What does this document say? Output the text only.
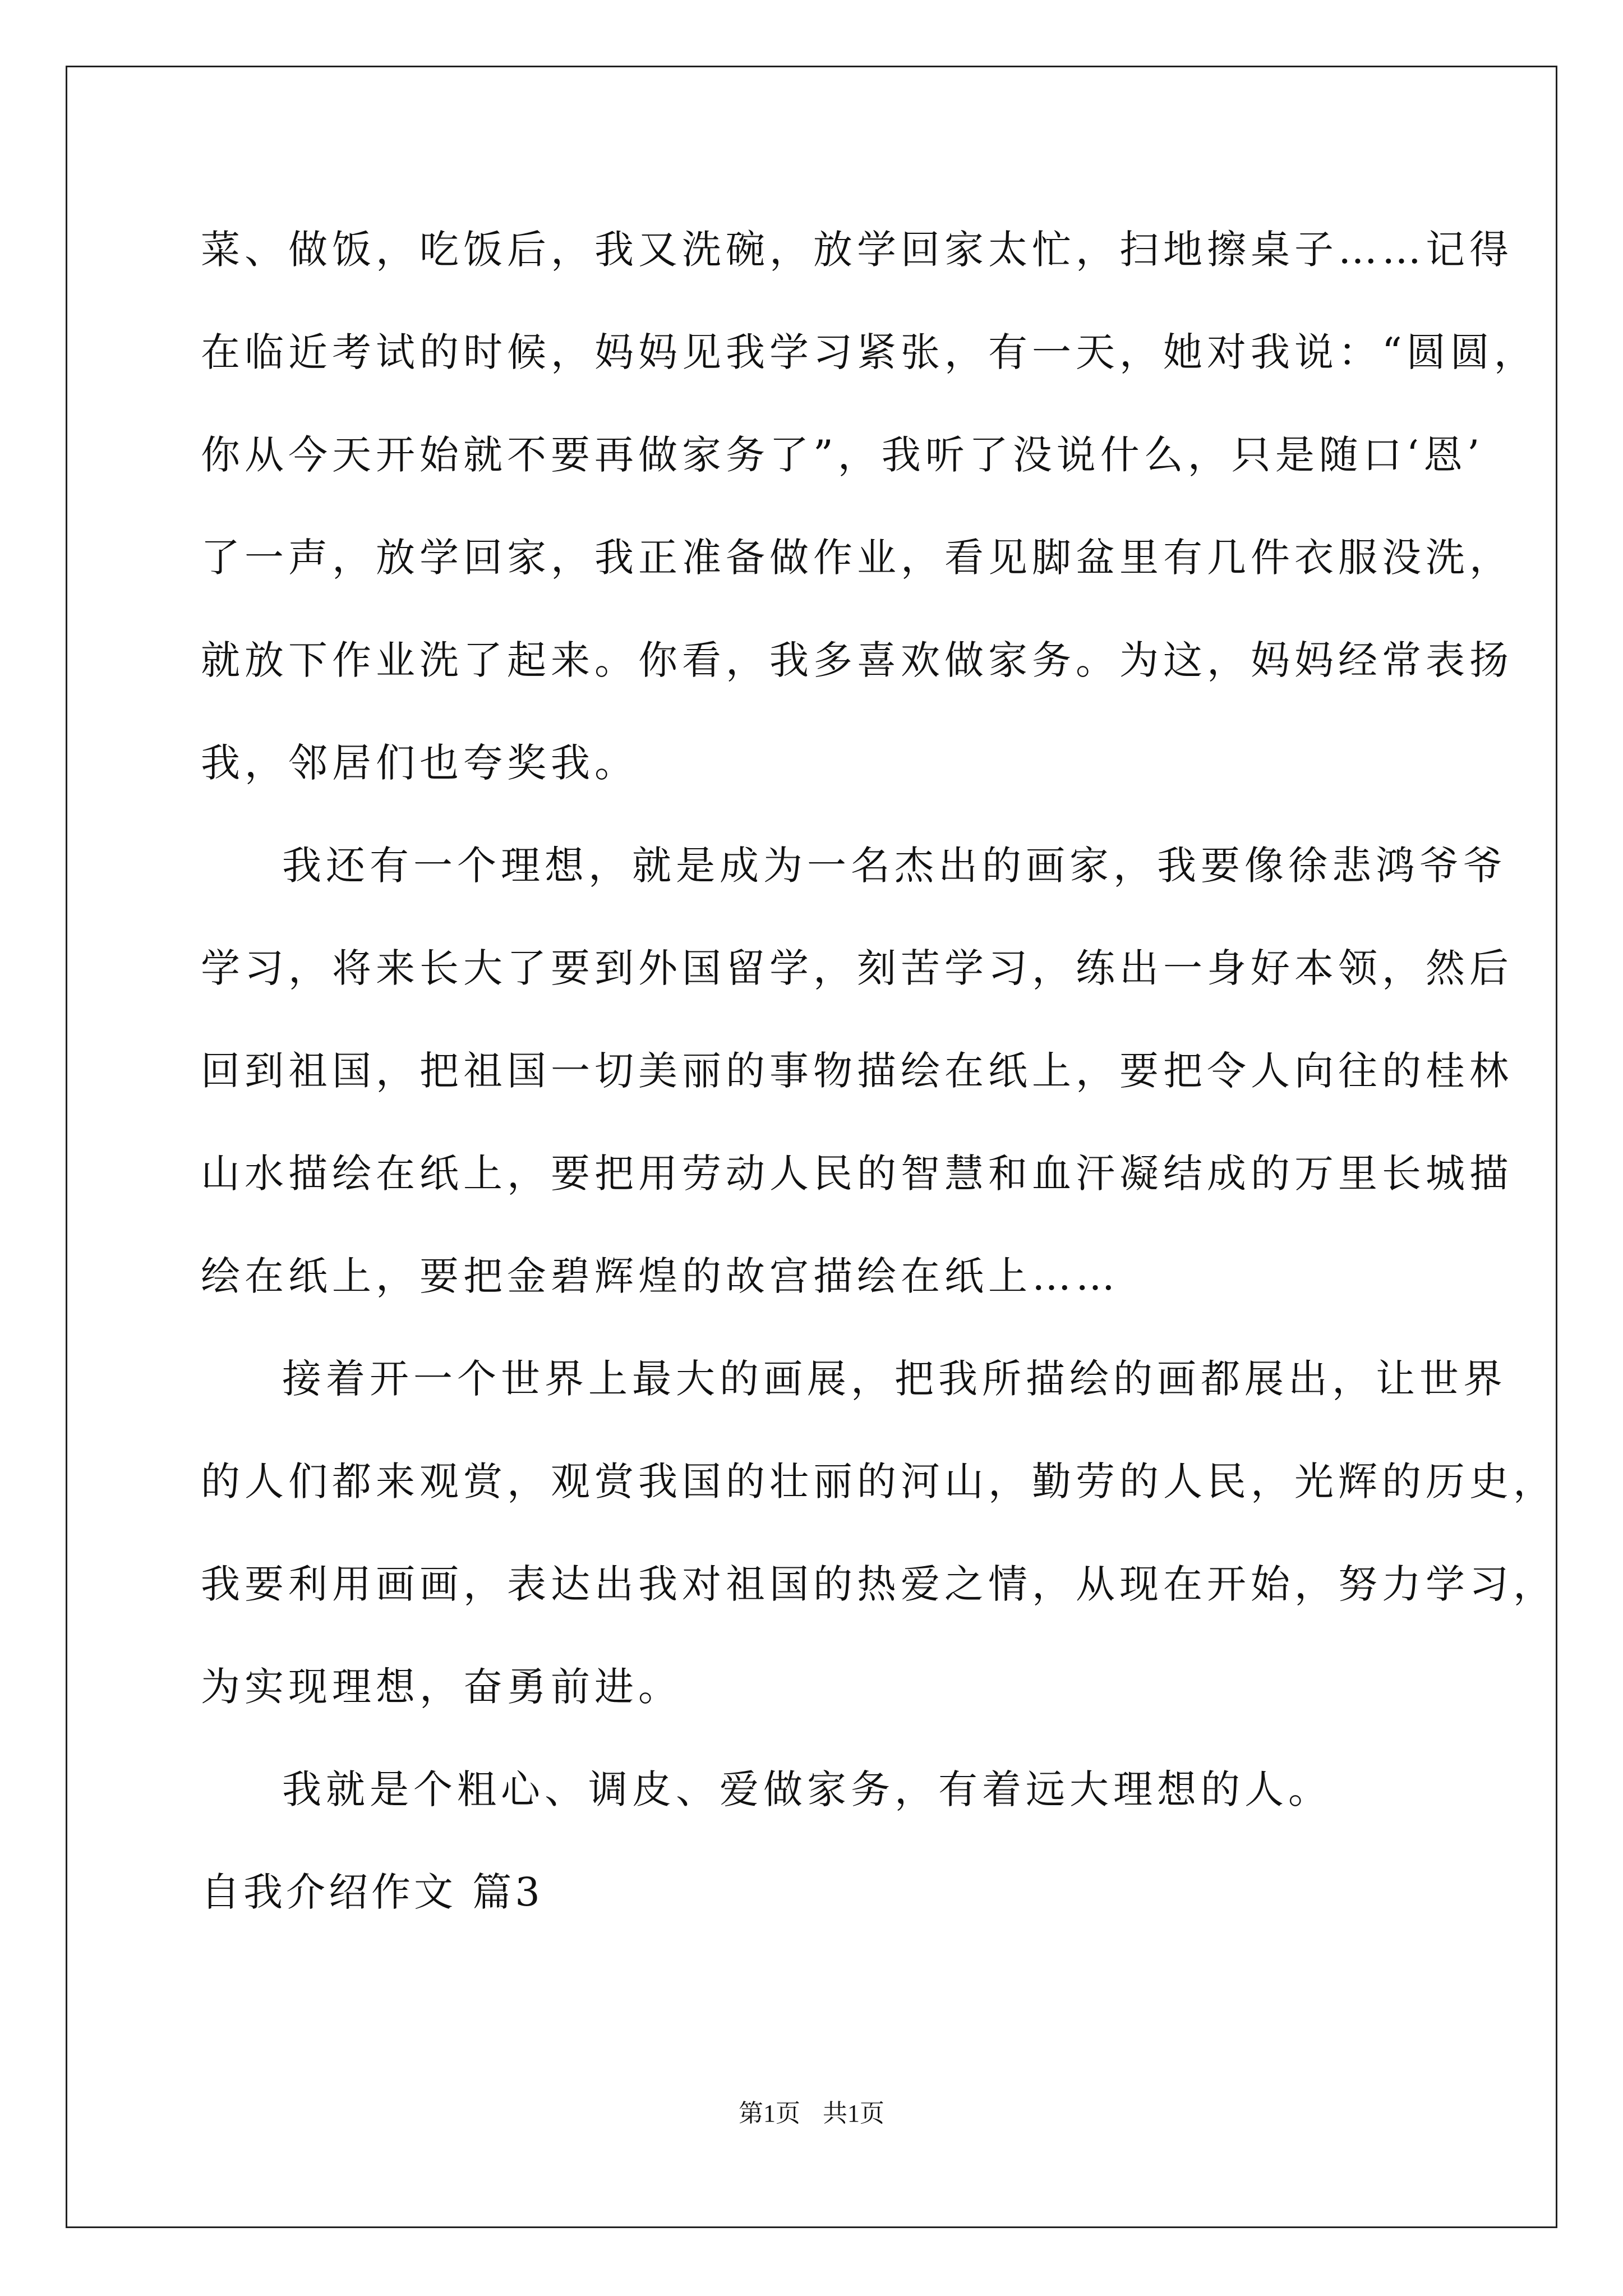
菜、做饭，吃饭后，我又洗碗，放学回家太忙，扫地擦桌子……记得
在临近考试的时候，妈妈见我学习紧张，有一天，她对我说：“圆圆，
你从今天开始就不要再做家务了”，我听了没说什么，只是随口‘恩’
了一声，放学回家，我正准备做作业，看见脚盆里有几件衣服没洗，
就放下作业洗了起来。你看，我多喜欢做家务。为这，妈妈经常表扬
我，邻居们也夸奖我。
我还有一个理想，就是成为一名杰出的画家，我要像徐悲鸿爷爷
学习，将来长大了要到外国留学，刻苦学习，练出一身好本领，然后
回到祖国，把祖国一切美丽的事物描绘在纸上，要把令人向往的桂林
山水描绘在纸上，要把用劳动人民的智慧和血汗凝结成的万里长城描
绘在纸上，要把金碧辉煌的故宫描绘在纸上……
接着开一个世界上最大的画展，把我所描绘的画都展出，让世界
的人们都来观赏，观赏我国的壮丽的河山，勤劳的人民，光辉的历史，
我要利用画画，表达出我对祖国的热爱之情，从现在开始，努力学习，
为实现理想，奋勇前进。
我就是个粗心、调皮、爱做家务，有着远大理想的人。
自我介绍作文 篇3
第1页 共1页
